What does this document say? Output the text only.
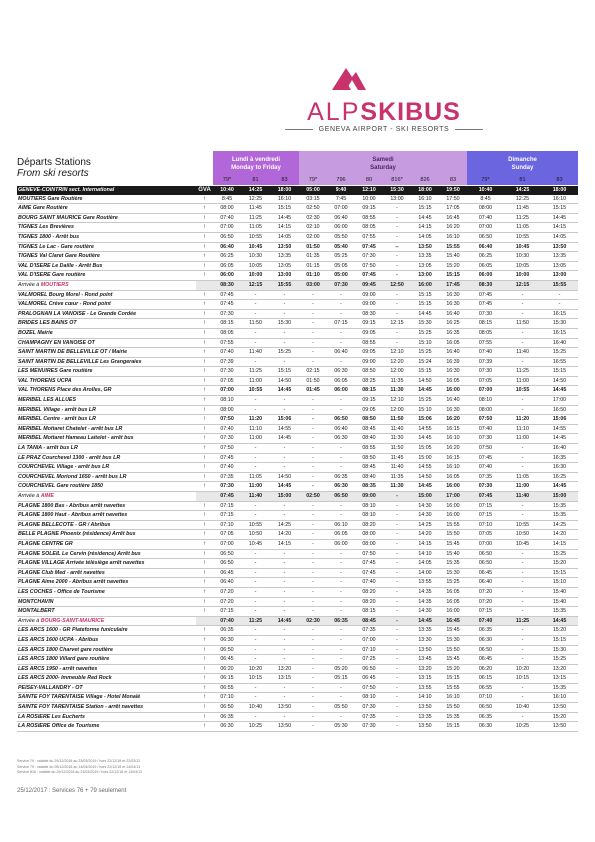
ALPSKIBUS
GENEVA AIRPORT - SKI RESORTS
Départs Stations
From ski resorts
Lundi à vendredi
Monday to Friday
Samedi
Saturday
Dimanche
Sunday
79*	81	83	79*	796	80	816*	826	83	79*	81	83
GENEVE-COINTRIN sect. International	GVA	10:40	14:25	18:00	05:00	9:40	12:10	15:30	18:00	19:50	10:40	14:25	18:00
MOUTIERS Gare Routière	↑	8:45	12:25	16:10	03:15	7:45	10:00	13:00	16:10	17:50	8:45	12:25	16:10
AIME Gare Routière	↑	08:00	11:45	15:15	02:50	07:00	09:15	-	15:15	17:05	08:00	11:45	15:15
BOURG SAINT MAURICE Gare Routière	↑	07:40	11:25	14:45	02:30	06:40	08:55	-	14:45	16:45	07:40	11:25	14:45
TIGNES Les Brevières	↑	07:00	11:05	14:15	02:10	06:00	08:05	-	14:15	16:20	07:00	11:05	14:15
TIGNES 1800 - Arrêt bus	↑	06:50	10:55	14:05	02:00	05:50	07:55	-	14:05	16:10	06:50	10:55	14:05
TIGNES Le Lac - Gare routière	↑	06:40	10:45	13:50	01:50	05:40	07:45	--	13:50	15:55	06:40	10:45	13:50
TIGNES Val Claret Gare Routière	↑	06:25	10:30	13:35	01:35	05:25	07:30	-	13:35	15:40	06:25	10:30	13:35
VAL D'ISERE Le Daille - Arrêt Bus	↑	06:05	10:05	13:05	01:15	05:05	07:50	-	13:05	15:20	06:05	10:05	13:05
VAL D'ISERE Gare routière	↑	06:00	10:00	13:00	01:10	05:00	07:45	-	13:00	15:15	06:00	10:00	13:00
Arrivée à MOUTIERS		08:30	12:15	15:55	03:00	07:30	09:45	12:50	16:00	17:45	08:30	12:15	15:55
VALMOREL Bourg Morel - Rond point	↑	07:45	-	-	-	-	09:00	-	15:15	16:30	07:45	-	-
VALMOREL Crève cœur - Rond point	↑	07:45	-	-	-	-	09:00	-	15:15	16:30	07:45	-	-
PRALOGNAN LA VANOISE - Le Grande Cordée	↑	07:30	-	-	-	-	08:30	-	14:45	16:40	07:30	-	16:15
BRIDES LES BAINS OT	↑	08:15	11:50	15:30	-	07:15	09:15	12:15	15:30	16:25	08:15	11:50	15:30
BOZEL Mairie	↑	08:05	-	-	-	-	09:05	-	15:25	16:35	08:05	-	16:15
CHAMPAGNY EN VANOISE OT	↑	07:55	-	-	-	-	08:55	-	15:10	16:05	07:55	-	16:40
SAINT MARTIN DE BELLEVILLE OT / Mairie	↑	07:40	11:40	15:25	-	06:40	09:05	12:10	15:25	16:40	07:40	11:40	15:25
SAINT MARTIN DE BELLEVILLE Les Grangeraies	↑	07:39	-	-	-	-	09:00	12:20	15:24	16:39	07:39	-	16:55
LES MENUIRES Gare routière	↑	07:30	11:25	15:15	02:15	06:30	08:50	12:00	15:15	16:30	07:30	11:25	15:15
VAL THORENS UCPA	↑	07:05	11:00	14:50	01:50	06:05	08:25	11:35	14:50	16:05	07:05	11:00	14:50
VAL THORENS Place des Arolles, GR	↑	07:00	10:55	14:45	01:45	06:00	08:15	11:30	14:45	16:00	07:00	10:55	14:45
MERIBEL LES ALLUES	↑	08:10	-	-	-	-	09:15	12:10	15:25	16:40	08:10	-	17:00
MERIBEL Village - arrêt bus LR	↑	08:00	-	-	-	-	09:05	12:00	15:10	16:30	08:00	-	16:50
MERIBEL Centre - arrêt bus LR	↑	07:50	11:20	15:06	-	06:50	08:50	11:50	15:06	16:20	07:50	11:20	15:06
MERIBEL Mottaret Chatelet - arrêt bus LR	↑	07:40	11:10	14:55	-	06:40	08:45	11:40	14:55	16:15	07:40	11:10	14:55
MERIBEL Mottaret Hameau Laitelet - arrêt bus	↑	07:30	11:00	14:45	-	06:30	08:40	11:30	14:45	16:10	07:30	11:00	14:45
LA TANIA - arrêt bus LR	↑	07:50	-	-	-	-	08:55	11:50	15:05	16:20	07:50	-	16:40
LE PRAZ Courchevel 1300 - arrêt bus LR	↑	07:45	-	-	-	-	08:50	11:45	15:00	16:15	07:45	-	16:35
COURCHEVEL Village - arrêt bus LR	↑	07:40	-	-	-	-	08:45	11:40	14:55	16:10	07:40	-	16:30
COURCHEVEL Moriond 1650 - arrêt bus LR	↑	07:35	11:05	14:50	-	06:35	08:40	11:35	14:50	16:05	07:35	11:05	16:25
COURCHEVEL Gare routière 1850	↑	07:30	11:00	14:45	-	06:30	08:35	11:30	14:45	16:00	07:30	11:00	14:45
Arrivée à AIME		07:45	11:40	15:00	02:50	06:50	09:00	-	15:00	17:00	07:45	11:40	15:00
PLAGNE 1800 Bas - Abribus arrêt navettes	↑	07:15	-	-	-	-	08:10	-	14:30	16:00	07:15	-	15:35
PLAGNE 1800 Haut - Abribus arrêt navettes	↑	07:15	-	-	-	-	08:10	-	14:30	16:00	07:15	-	15:35
PLAGNE BELLECOTE - GR / Abribus	↑	07:10	10:55	14:25	-	06:10	08:20	-	14:25	15:55	07:10	10:55	14:25
BELLE PLAGNE Phoenix (résidence) Arrêt bus	↑	07:05	10:50	14:20	-	06:05	08:00	-	14:20	15:50	07:05	10:50	14:20
PLAGNE CENTRE GR	↑	07:00	10:45	14:15	-	06:00	08:00	-	14:15	15:45	07:00	10:45	14:15
PLAGNE SOLEIL Le Cervin (résidence) Arrêt bus	↑	06:50	-	-	-	-	07:50	-	14:10	15:40	06:50	-	15:25
PLAGNE VILLAGE Arrivée télésiège arrêt navettes	↑	06:50	-	-	-	-	07:45	-	14:05	15:35	06:50	-	15:20
PLAGNE Club Med - arrêt navettes	↑	06:45	-	-	-	-	07:45	-	14:00	15:30	06:45	-	15:15
PLAGNE Aime 2000 - Abribus arrêt navettes	↑	06:40	-	-	-	-	07:40	-	13:55	15:25	06:40	-	15:10
LES COCHES - Office de Tourisme	↑	07:20	-	-	-	-	08:20	-	14:35	16:05	07:20	-	15:40
MONTCHAVIN	↑	07:20	-	-	-	-	08:20	-	14:35	16:05	07:20	-	15:40
MONTALBERT	↑	07:15	-	-	-	-	08:15	-	14:30	16:00	07:15	-	15:35
Arrivée à BOURG-SAINT-MAURICE		07:40	11:25	14:45	02:30	06:35	08:45	-	14:45	16:45	07:40	11:25	14:45
LES ARCS 1600 - GR Plateforme funiculaire	↑	06:35	-	-	-	-	07:35	-	13:35	15:45	06:35	-	15:20
LES ARCS 1600 UCPA - Abribus	↑	06:30	-	-	-	-	07:00	-	13:30	15:30	06:30	-	15:15
LES ARCS 1800 Charvet gare routière	↑	06:50	-	-	-	-	07:10	-	13:50	15:50	06:50	-	15:30
LES ARCS 1800 Villard gare routière	↑	06:45	-	-	-	-	07:25	-	13:45	15:45	06:45	-	15:25
LES ARCS 1950 - arrêt navettes	↑	06:20	10:20	13:20	-	05:20	06:50	-	13:20	15:20	06:20	10:20	13:20
LES ARCS 2000- Immeuble Red Rock	↑	06:15	10:15	13:15	-	05:15	06:45	-	13:15	15:15	06:15	10:15	13:15
PEISEY-VALLANDRY - OT	↑	06:55	-	-	-	-	07:50	-	13:55	15:55	06:55	-	15:35
SAINTE FOY TARENTAISE Village - Hotel Monalé	↑	07:10	-	-	-	-	08:10	-	14:10	16:10	07:10	-	16:10
SAINTE FOY TARENTAISE Station - arrêt navettes	↑	06:50	10:40	13:50	-	05:50	07:30	-	13:50	15:50	06:50	10:40	13:50
LA ROSIERE Les Eucherts	↑	06:35	-	-	-	-	07:35	-	13:35	15:35	06:35	-	15:20
LA ROSIERE Office de Tourisme	↑	06:30	10:25	13:50	-	05:30	07:30	-	13:50	15:15	06:30	10:25	13:50
Service 79 : valable du 29/12/2018 au 23/03/2019 / hors 22/12/18 et 22/03/12
Service 79 : valable du 05/12/2018 au 14/04/2019 / hors 22/12/18 et 14/04/13
Service 816 : valable du 29/12/2018 au 23/03/2019 / hors 22/12/18 et 13/04/12
25/12/2017 : Services 76 + 79 seulement
